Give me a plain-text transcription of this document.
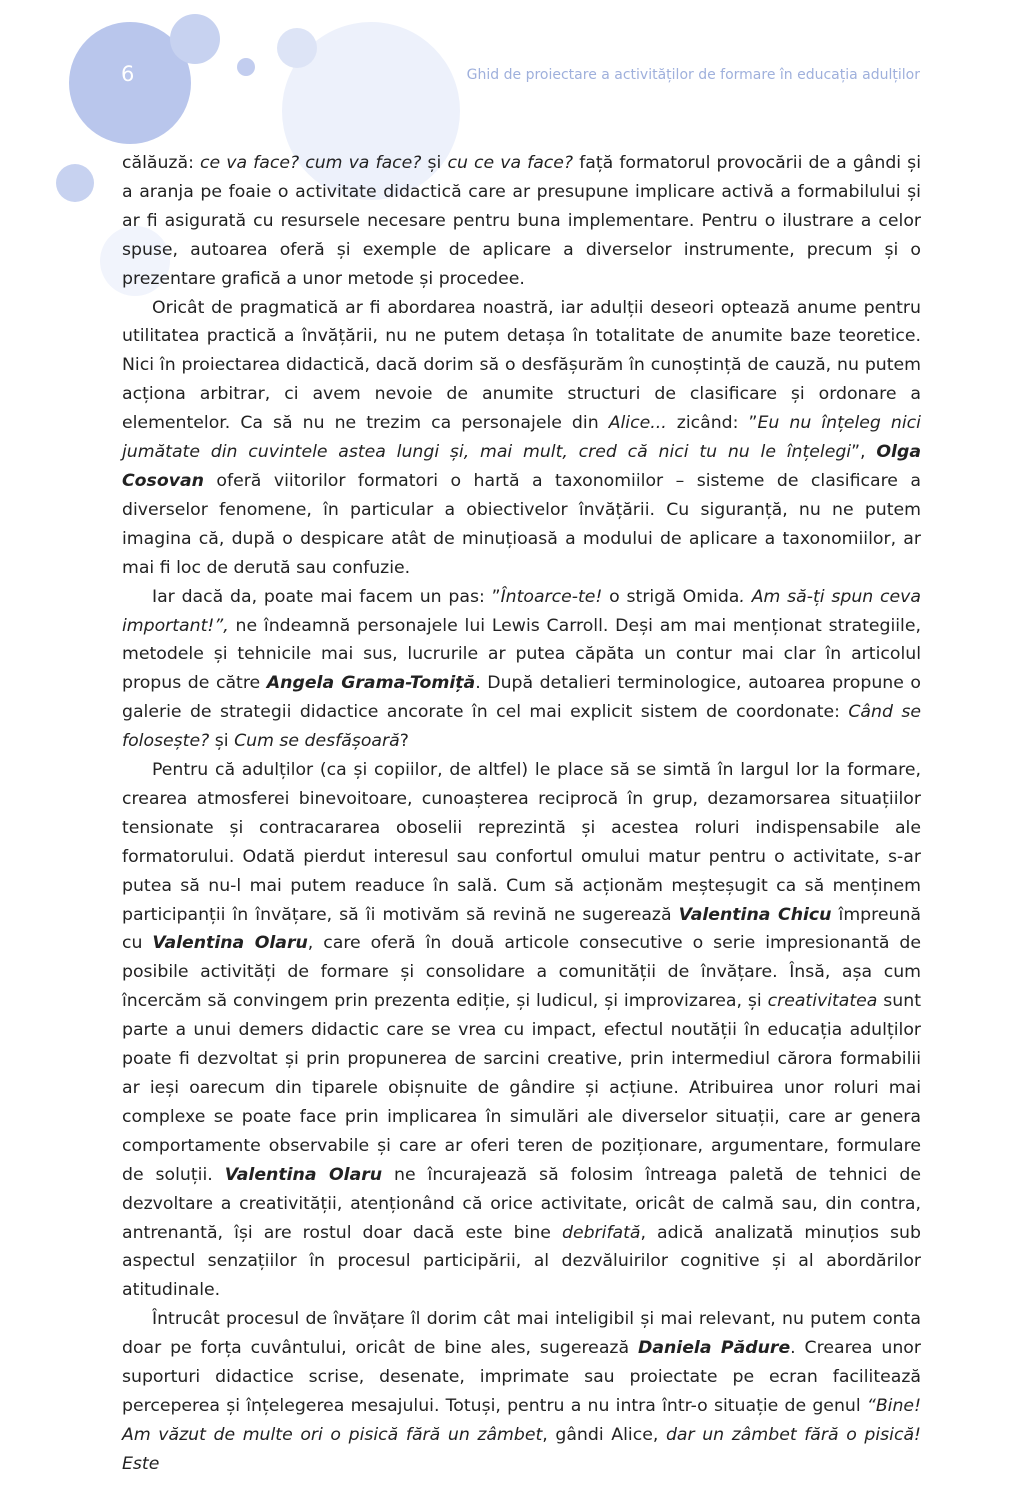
6	Ghid de proiectare a activităților de formare în educația adulților

călăuză: ce va face? cum va face? și cu ce va face? față formatorul provocării de a gândi și a aranja pe foaie o activitate didactică care ar presupune implicare activă a formabilului și ar fi asigurată cu resursele necesare pentru buna implementare. Pentru o ilustrare a celor spuse, autoarea oferă și exemple de aplicare a diverselor instrumente, precum și o prezentare grafică a unor metode și procedee.

Oricât de pragmatică ar fi abordarea noastră, iar adulții deseori optează anume pentru utilitatea practică a învățării, nu ne putem detașa în totalitate de anumite baze teoretice. Nici în proiectarea didactică, dacă dorim să o desfășurăm în cunoștință de cauză, nu putem acționa arbitrar, ci avem nevoie de anumite structuri de clasificare și ordonare a elementelor. Ca să nu ne trezim ca personajele din Alice... zicând: ”Eu nu înțeleg nici jumătate din cuvintele astea lungi și, mai mult, cred că nici tu nu le înțelegi”, Olga Cosovan oferă viitorilor formatori o hartă a taxonomiilor – sisteme de clasificare a diverselor fenomene, în particular a obiectivelor învățării. Cu siguranță, nu ne putem imagina că, după o despicare atât de minuțioasă a modului de aplicare a taxonomiilor, ar mai fi loc de derută sau confuzie.

Iar dacă da, poate mai facem un pas: ”Întoarce-te! o strigă Omida. Am să-ți spun ceva important!”, ne îndeamnă personajele lui Lewis Carroll. Deși am mai menționat strategiile, metodele și tehnicile mai sus, lucrurile ar putea căpăta un contur mai clar în articolul propus de către Angela Grama-Tomiță. După detalieri terminologice, autoarea propune o galerie de strategii didactice ancorate în cel mai explicit sistem de coordonate: Când se folosește? și Cum se desfășoară?

Pentru că adulților (ca și copiilor, de altfel) le place să se simtă în largul lor la formare, crearea atmosferei binevoitoare, cunoașterea reciprocă în grup, dezamorsarea situațiilor tensionate și contracararea oboselii reprezintă și acestea roluri indispensabile ale formatorului. Odată pierdut interesul sau confortul omului matur pentru o activitate, s-ar putea să nu-l mai putem readuce în sală. Cum să acționăm meșteșugit ca să menținem participanții în învățare, să îi motivăm să revină ne sugerează Valentina Chicu împreună cu Valentina Olaru, care oferă în două articole consecutive o serie impresionantă de posibile activități de formare și consolidare a comunității de învățare. Însă, așa cum încercăm să convingem prin prezenta ediție, și ludicul, și improvizarea, și creativitatea sunt parte a unui demers didactic care se vrea cu impact, efectul noutății în educația adulților poate fi dezvoltat și prin propunerea de sarcini creative, prin intermediul cărora formabilii ar ieși oarecum din tiparele obișnuite de gândire și acțiune. Atribuirea unor roluri mai complexe se poate face prin implicarea în simulări ale diverselor situații, care ar genera comportamente observabile și care ar oferi teren de poziționare, argumentare, formulare de soluții. Valentina Olaru ne încurajează să folosim întreaga paletă de tehnici de dezvoltare a creativității, atenționând că orice activitate, oricât de calmă sau, din contra, antrenantă, își are rostul doar dacă este bine debrifată, adică analizată minuțios sub aspectul senzațiilor în procesul participării, al dezvăluirilor cognitive și al abordărilor atitudinale.

Întrucât procesul de învățare îl dorim cât mai inteligibil și mai relevant, nu putem conta doar pe forța cuvântului, oricât de bine ales, sugerează Daniela Pădure. Crearea unor suporturi didactice scrise, desenate, imprimate sau proiectate pe ecran facilitează perceperea și înțelegerea mesajului. Totuși, pentru a nu intra într-o situație de genul “Bine! Am văzut de multe ori o pisică fără un zâmbet, gândi Alice, dar un zâmbet fără o pisică! Este
